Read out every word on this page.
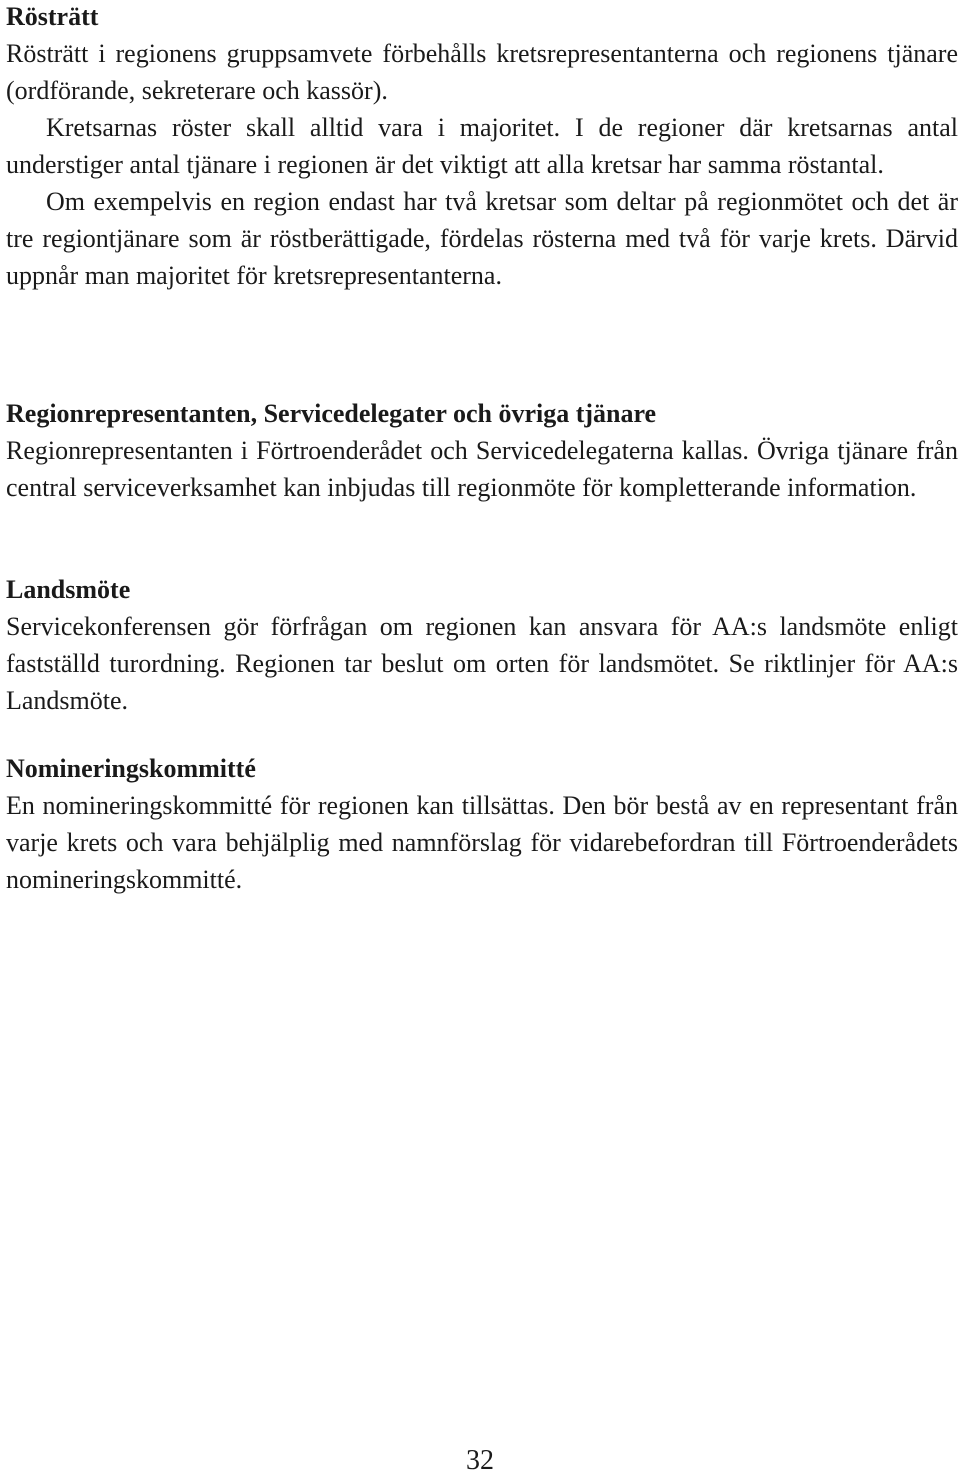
Rösträtt

Rösträtt i regionens gruppsamvete förbehålls kretsrepresentanterna och regionens tjänare (ordförande, sekreterare och kassör).

Kretsarnas röster skall alltid vara i majoritet. I de regioner där kretsarnas antal understiger antal tjänare i regionen är det viktigt att alla kretsar har samma röstantal.

Om exempelvis en region endast har två kretsar som deltar på regionmötet och det är tre regiontjänare som är röstberättigade, fördelas rösterna med två för varje krets. Därvid uppnår man majoritet för kretsrepresentanterna.

Regionrepresentanten, Servicedelegater och övriga tjänare

Regionrepresentanten i Förtroenderådet och Servicedelegaterna kallas. Övriga tjänare från central serviceverksamhet kan inbjudas till regionmöte för kompletterande information.

Landsmöte

Servicekonferensen gör förfrågan om regionen kan ansvara för AA:s landsmöte enligt fastställd turordning. Regionen tar beslut om orten för landsmötet. Se riktlinjer för AA:s Landsmöte.

Nomineringskommitté

En nomineringskommitté för regionen kan tillsättas. Den bör bestå av en representant från varje krets och vara behjälplig med namnförslag för vidarebefordran till Förtroenderådets nomineringskommitté.

32
